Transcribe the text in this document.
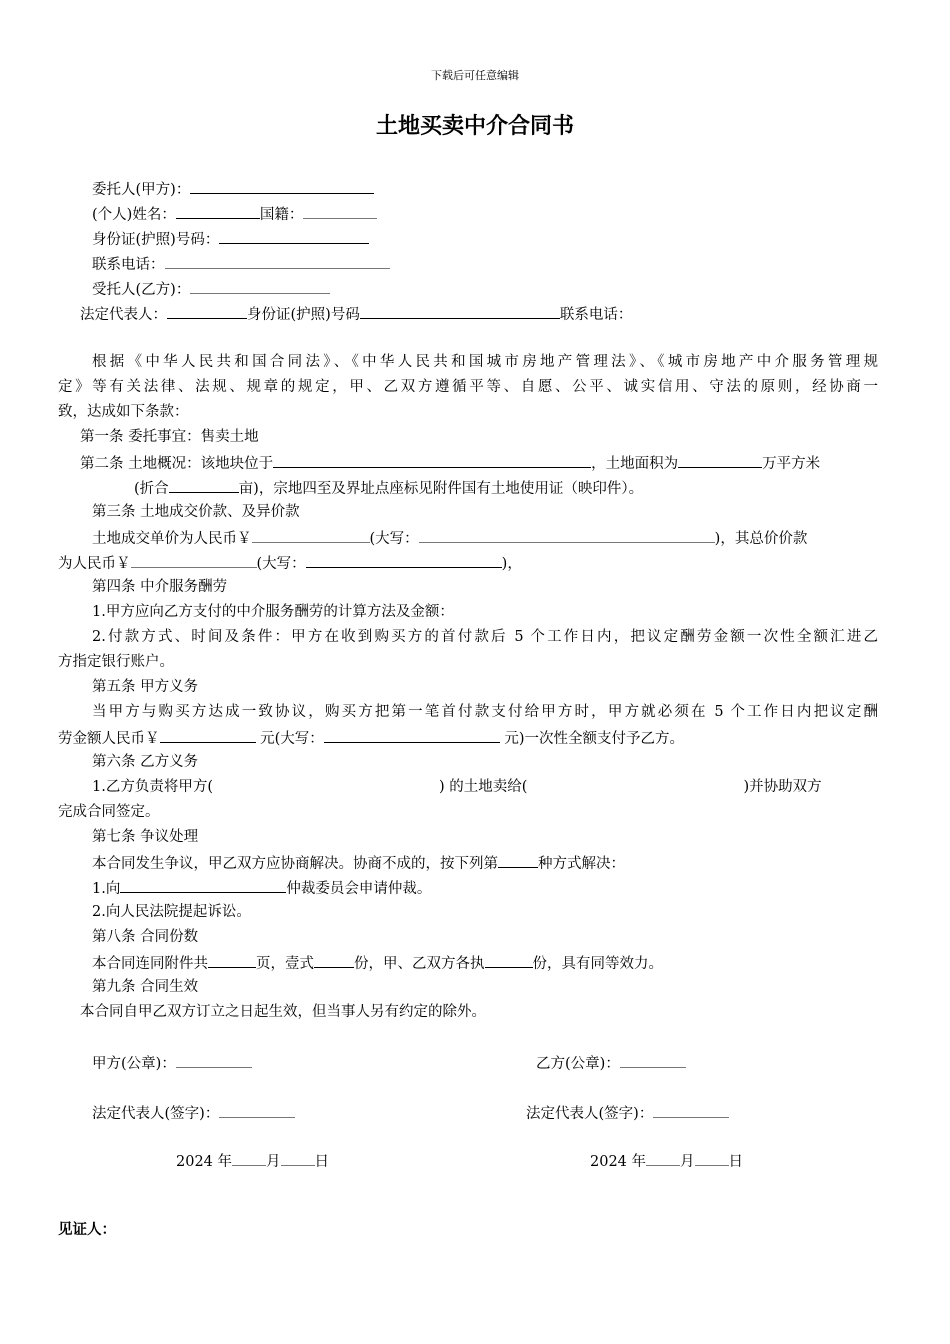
下载后可任意编辑
土地买卖中介合同书
委托人(甲方)：
(个人)姓名：	国籍：
身份证(护照)号码：
联系电话：
受托人(乙方)：
法定代表人：	身份证(护照)号码	联系电话：
根据《中华人民共和国合同法》、《中华人民共和国城市房地产管理法》、《城市房地产中介服务管理规
定》等有关法律、法规、规章的规定，甲、乙双方遵循平等、自愿、公平、诚实信用、守法的原则，经协商一
致，达成如下条款：
第一条 委托事宜：售卖土地
第二条 土地概况：该地块位于	，土地面积为	万平方米
(折合	亩)，宗地四至及界址点座标见附件国有土地使用证（映印件）。
第三条 土地成交价款、及异价款
土地成交单价为人民币￥	(大写：	)，其总价价款
为人民币￥	(大写：	)，
第四条 中介服务酬劳
1.甲方应向乙方支付的中介服务酬劳的计算方法及金额：
2.付款方式、时间及条件：甲方在收到购买方的首付款后 5 个工作日内，把议定酬劳金额一次性全额汇进乙
方指定银行账户。
第五条 甲方义务
当甲方与购买方达成一致协议，购买方把第一笔首付款支付给甲方时，甲方就必须在 5 个工作日内把议定酬
劳金额人民币￥	元(大写：	元)一次性全额支付予乙方。
第六条 乙方义务
1.乙方负责将甲方(	) 的土地卖给(	)并协助双方
完成合同签定。
第七条 争议处理
本合同发生争议，甲乙双方应协商解决。协商不成的，按下列第	种方式解决：
1.向	仲裁委员会申请仲裁。
2.向人民法院提起诉讼。
第八条 合同份数
本合同连同附件共	页，壹式	份，甲、乙双方各执	份，具有同等效力。
第九条 合同生效
本合同自甲乙双方订立之日起生效，但当事人另有约定的除外。
甲方(公章)：	乙方(公章)：
法定代表人(签字)：	法定代表人(签字)：
2024 年 月 日	2024 年 月 日
见证人：
